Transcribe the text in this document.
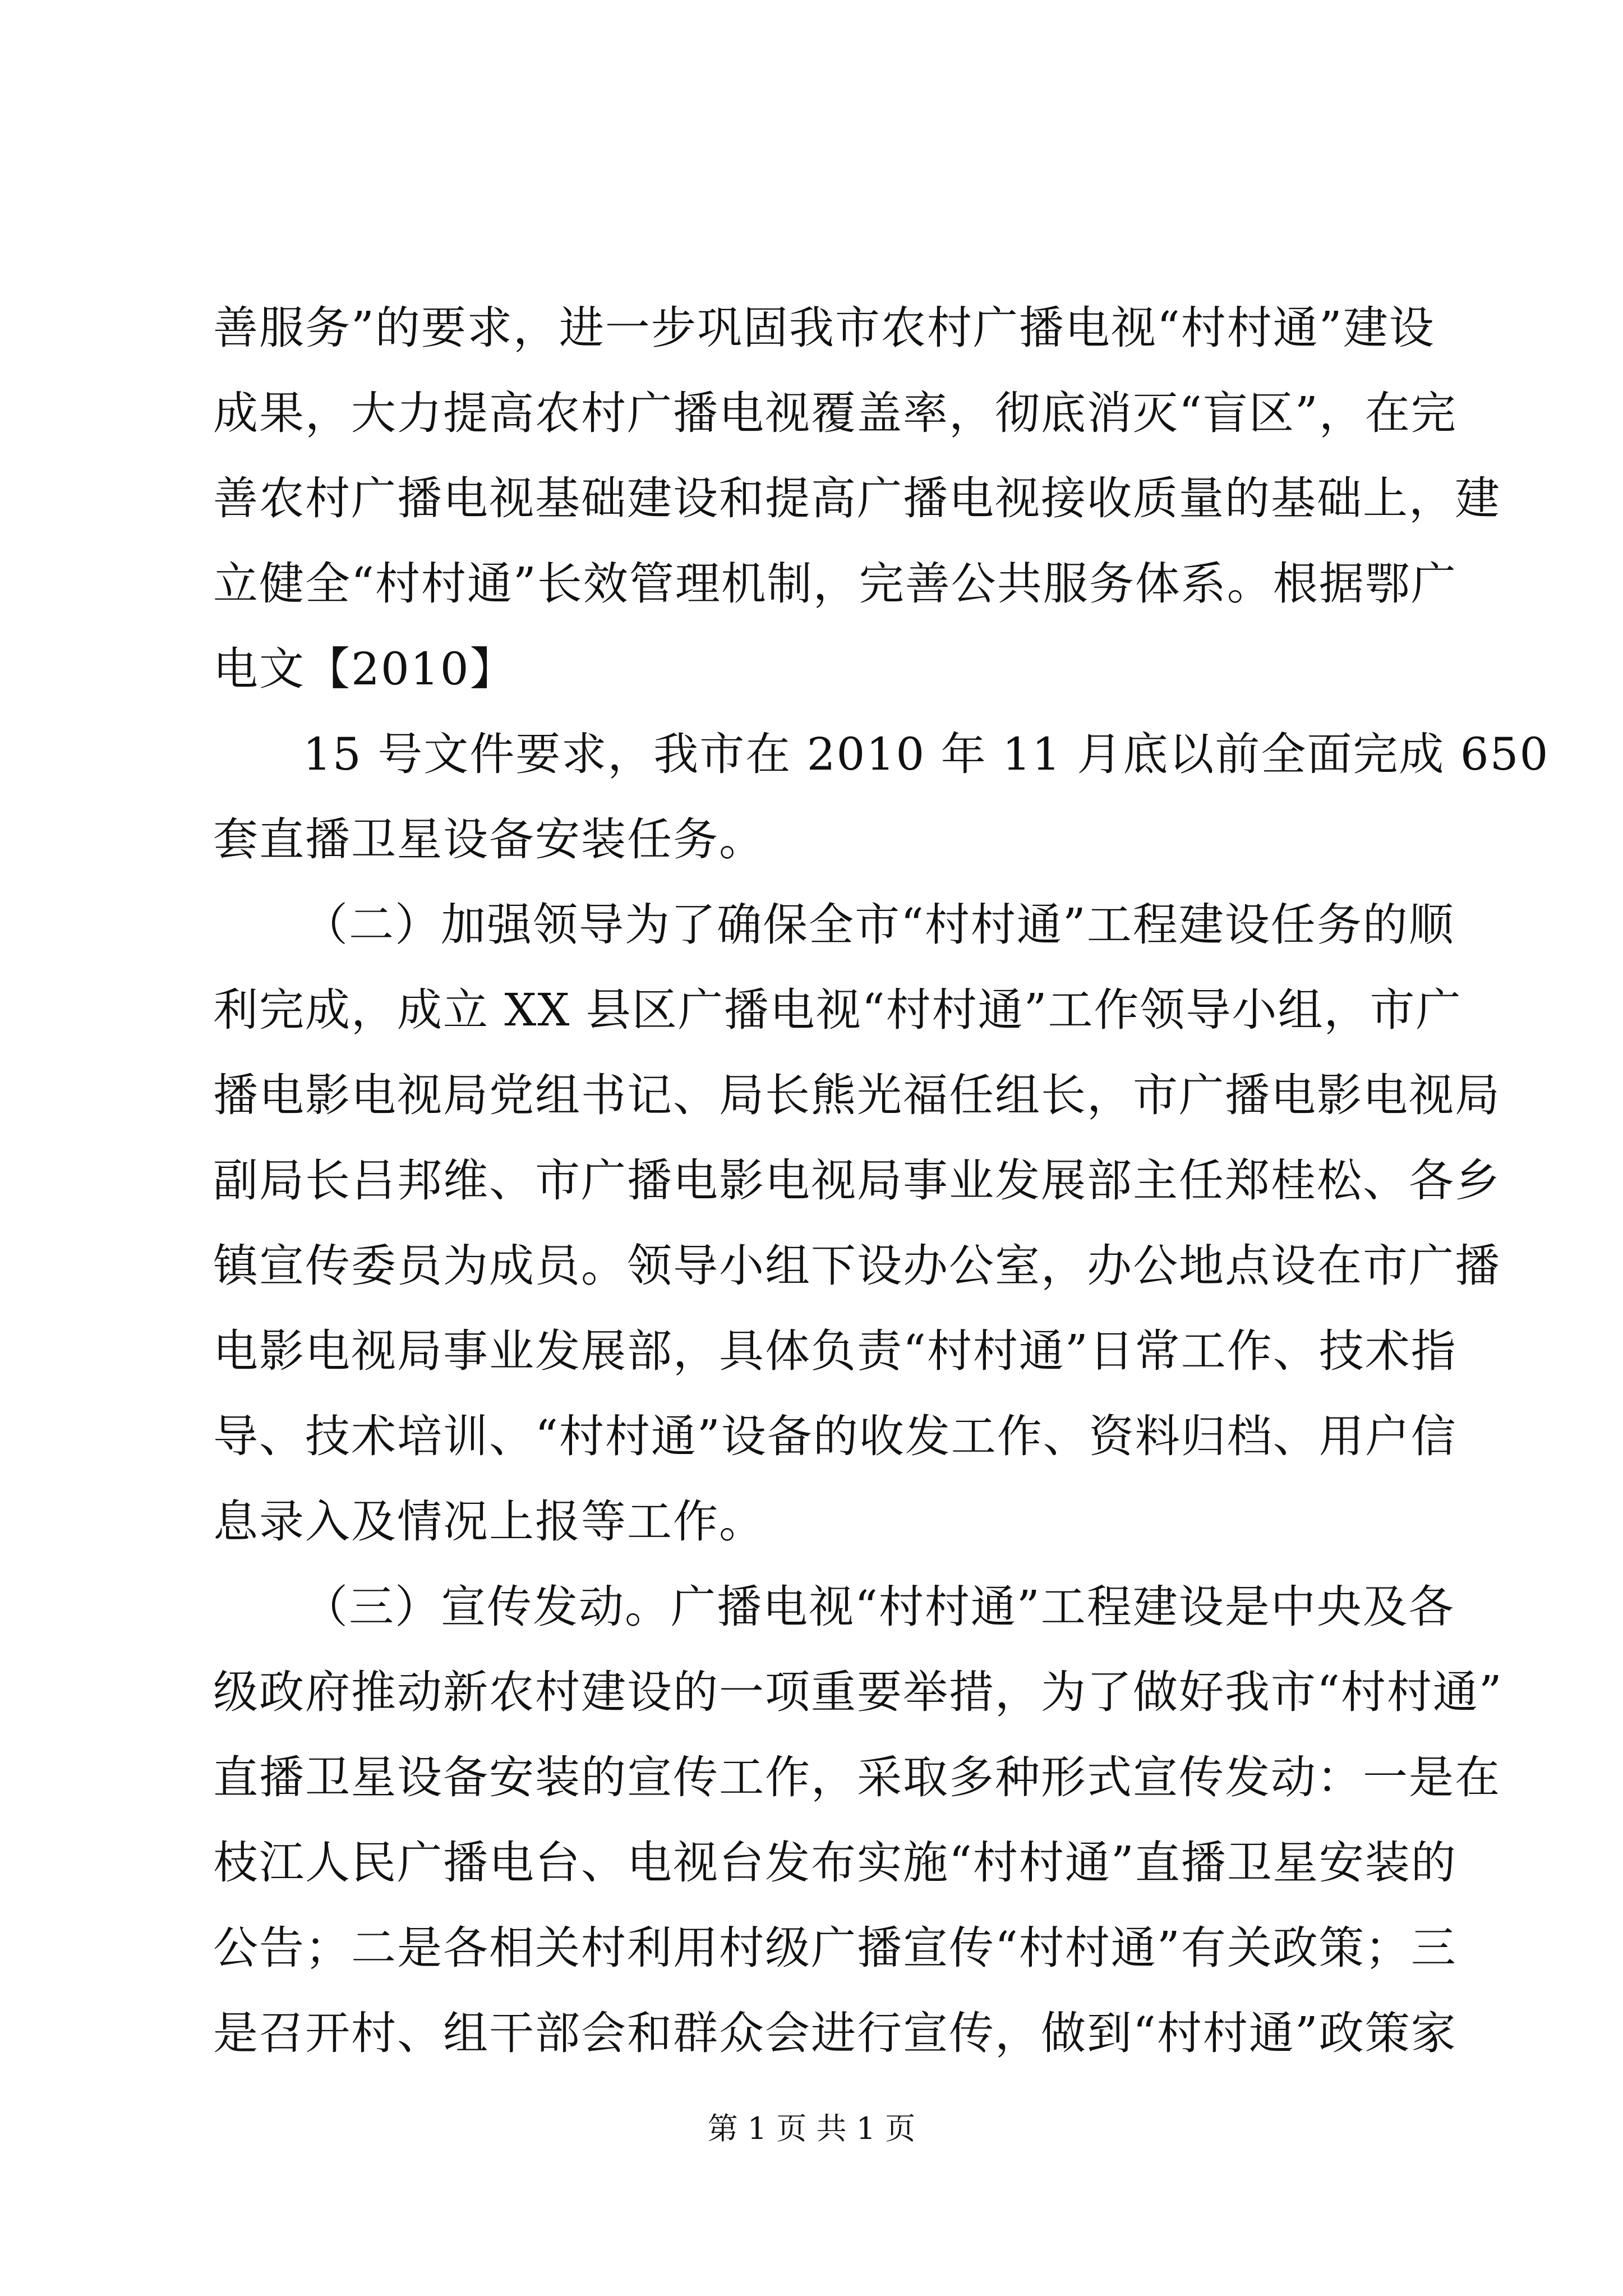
善服务”的要求，进一步巩固我市农村广播电视“村村通”建设
成果，大力提高农村广播电视覆盖率，彻底消灭“盲区”，在完
善农村广播电视基础建设和提高广播电视接收质量的基础上，建
立健全“村村通”长效管理机制，完善公共服务体系。根据鄂广
电文【2010】
15 号文件要求，我市在 2010 年 11 月底以前全面完成 650
套直播卫星设备安装任务。
（二）加强领导为了确保全市“村村通”工程建设任务的顺
利完成，成立 XX 县区广播电视“村村通”工作领导小组，市广
播电影电视局党组书记、局长熊光福任组长，市广播电影电视局
副局长吕邦维、市广播电影电视局事业发展部主任郑桂松、各乡
镇宣传委员为成员。领导小组下设办公室，办公地点设在市广播
电影电视局事业发展部，具体负责“村村通”日常工作、技术指
导、技术培训、“村村通”设备的收发工作、资料归档、用户信
息录入及情况上报等工作。
（三）宣传发动。广播电视“村村通”工程建设是中央及各
级政府推动新农村建设的一项重要举措，为了做好我市“村村通”
直播卫星设备安装的宣传工作，采取多种形式宣传发动：一是在
枝江人民广播电台、电视台发布实施“村村通”直播卫星安装的
公告；二是各相关村利用村级广播宣传“村村通”有关政策；三
是召开村、组干部会和群众会进行宣传，做到“村村通”政策家
第 1 页 共 1 页
